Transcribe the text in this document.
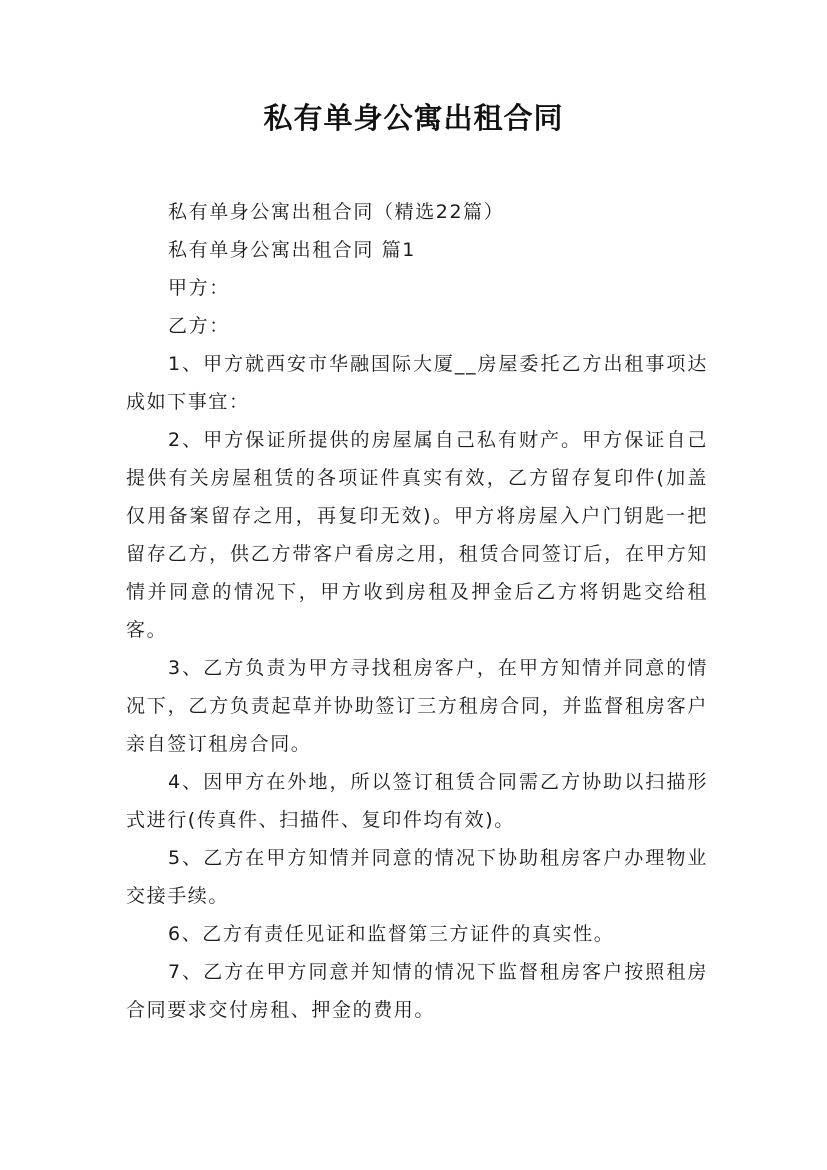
私有单身公寓出租合同

私有单身公寓出租合同（精选22篇）

私有单身公寓出租合同 篇1

甲方：

乙方：

1、甲方就西安市华融国际大厦__房屋委托乙方出租事项达成如下事宜：

2、甲方保证所提供的房屋属自己私有财产。甲方保证自己提供有关房屋租赁的各项证件真实有效，乙方留存复印件(加盖仅用备案留存之用，再复印无效)。甲方将房屋入户门钥匙一把留存乙方，供乙方带客户看房之用，租赁合同签订后，在甲方知情并同意的情况下，甲方收到房租及押金后乙方将钥匙交给租客。

3、乙方负责为甲方寻找租房客户，在甲方知情并同意的情况下，乙方负责起草并协助签订三方租房合同，并监督租房客户亲自签订租房合同。

4、因甲方在外地，所以签订租赁合同需乙方协助以扫描形式进行(传真件、扫描件、复印件均有效)。

5、乙方在甲方知情并同意的情况下协助租房客户办理物业交接手续。

6、乙方有责任见证和监督第三方证件的真实性。

7、乙方在甲方同意并知情的情况下监督租房客户按照租房合同要求交付房租、押金的费用。
